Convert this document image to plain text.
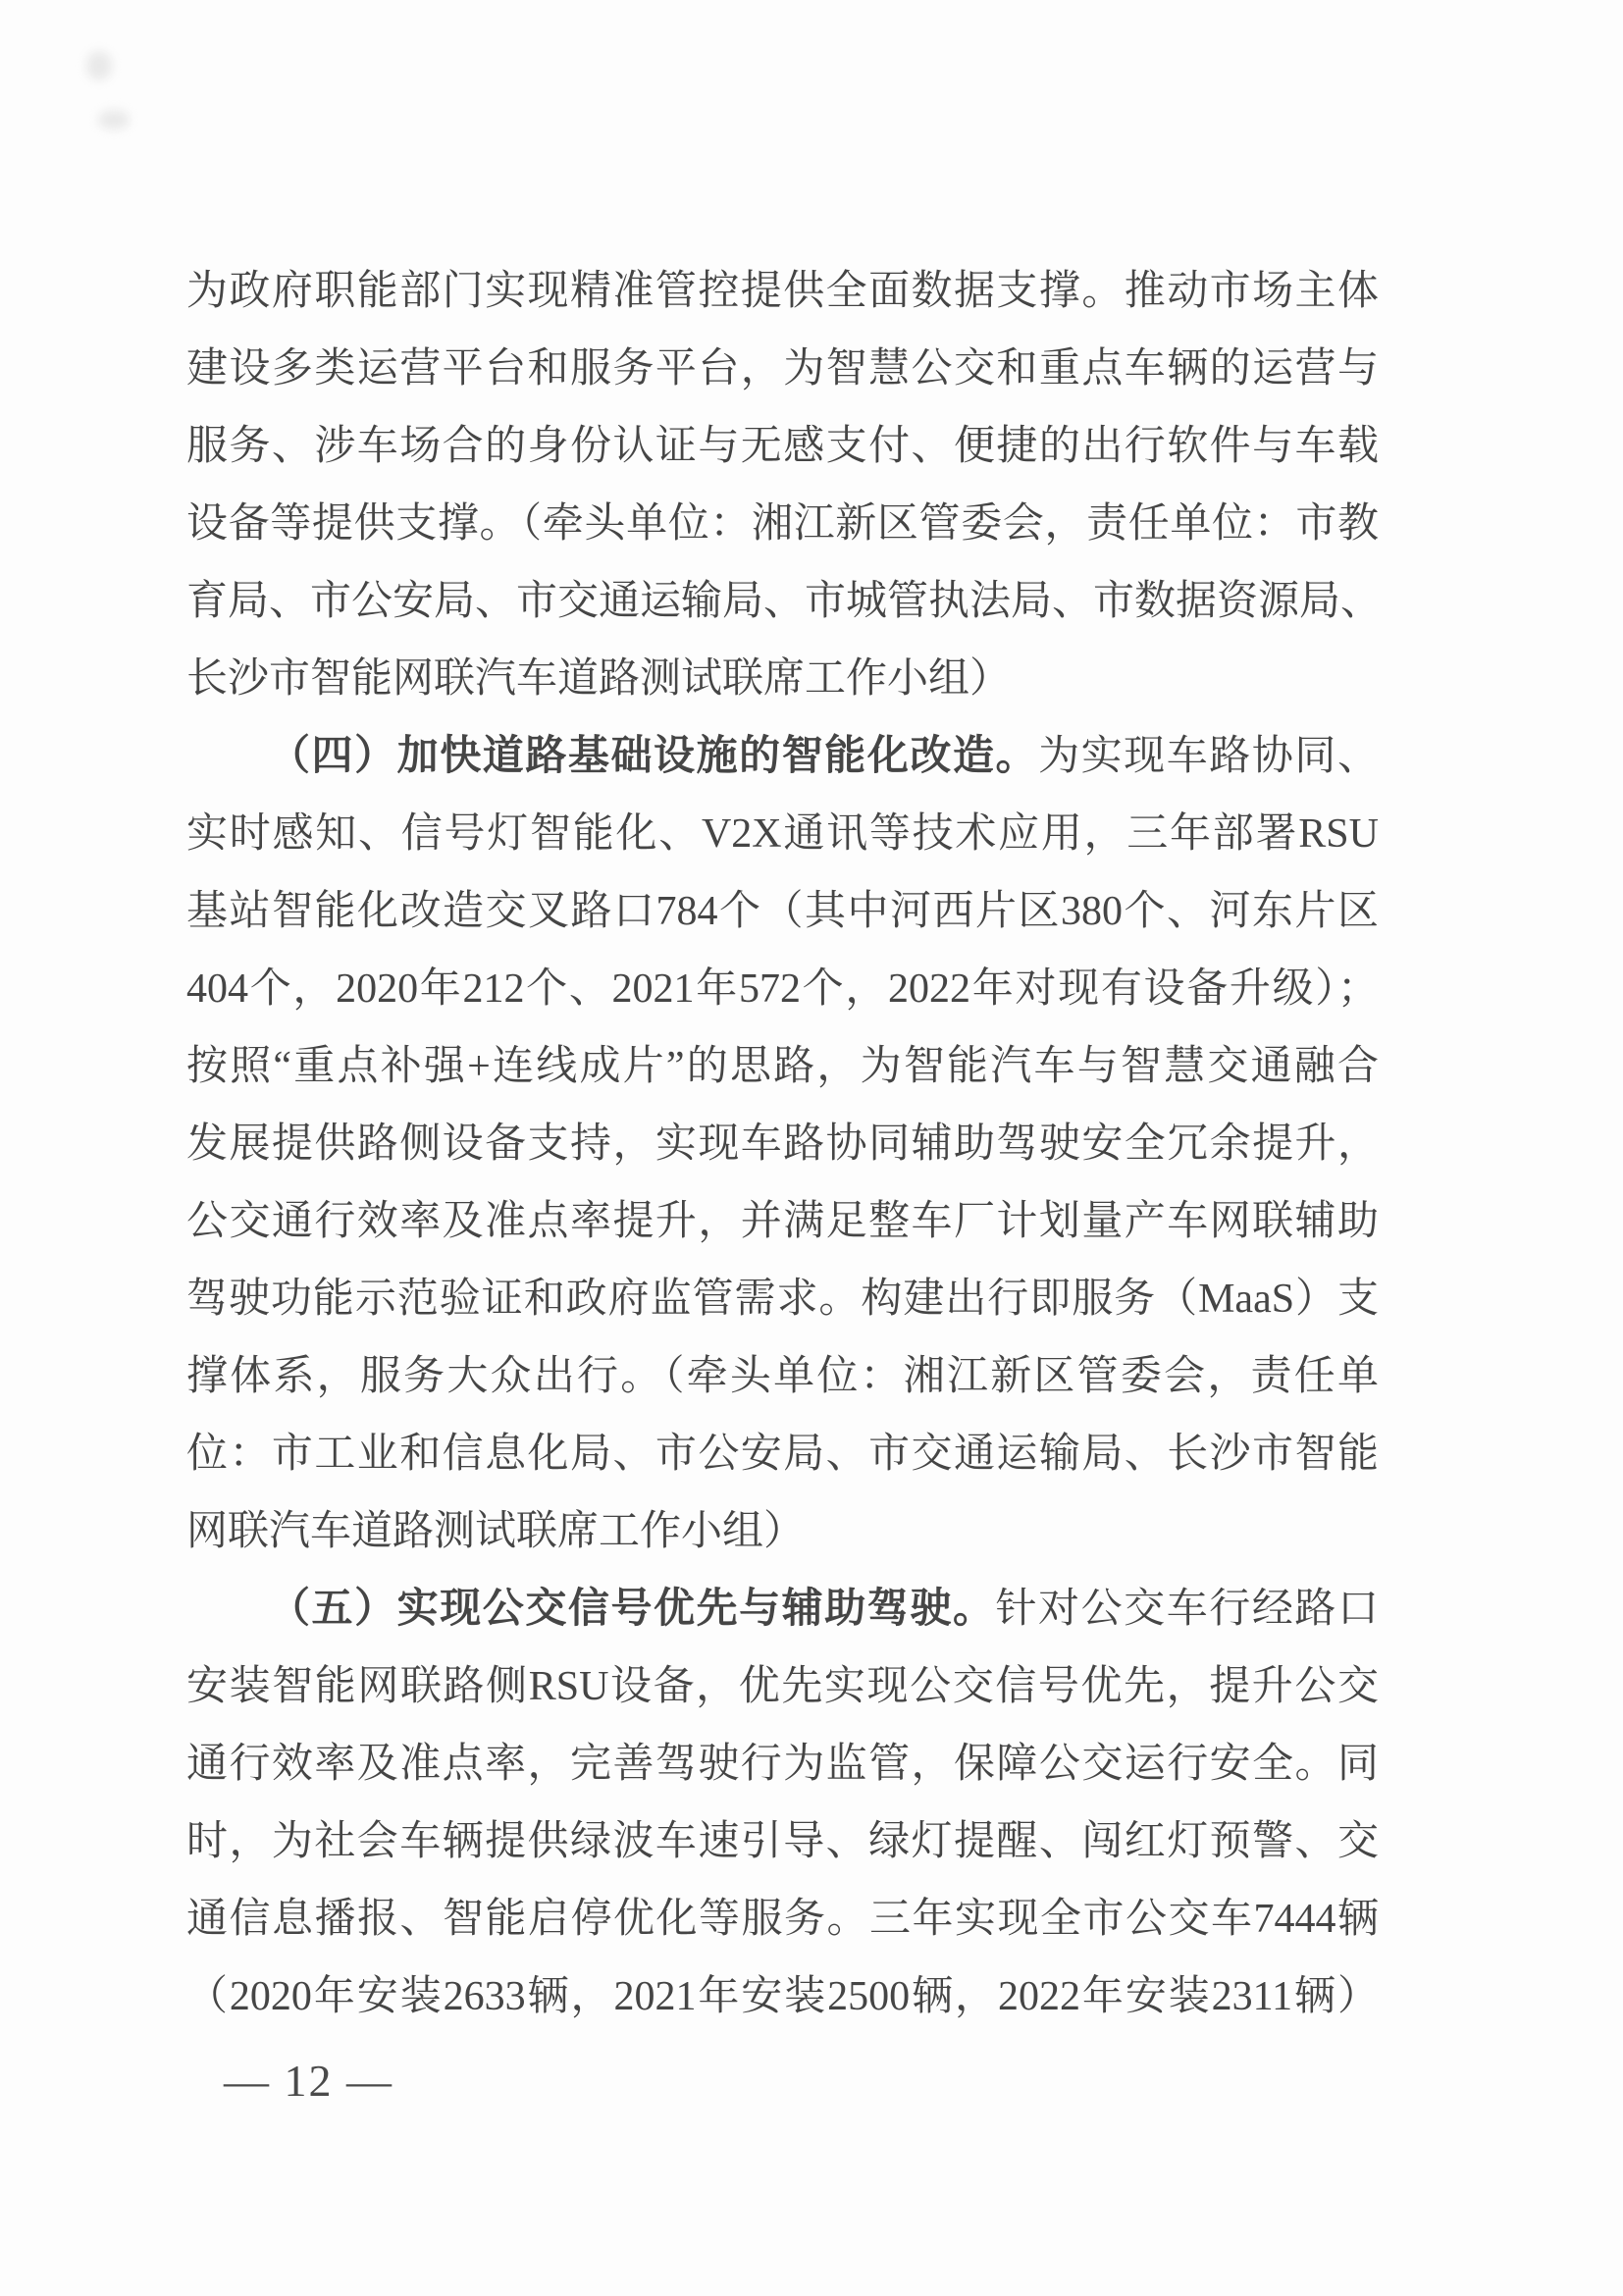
为政府职能部门实现精准管控提供全面数据支撑。推动市场主体

建设多类运营平台和服务平台，为智慧公交和重点车辆的运营与

服务、涉车场合的身份认证与无感支付、便捷的出行软件与车载

设备等提供支撑。（牵头单位：湘江新区管委会，责任单位：市教

育局、市公安局、市交通运输局、市城管执法局、市数据资源局、

长沙市智能网联汽车道路测试联席工作小组）

（四）加快道路基础设施的智能化改造。为实现车路协同、

实时感知、信号灯智能化、V2X通讯等技术应用，三年部署RSU

基站智能化改造交叉路口784个（其中河西片区380个、河东片区

404个，2020年212个、2021年572个，2022年对现有设备升级）；

按照“重点补强+连线成片”的思路，为智能汽车与智慧交通融合

发展提供路侧设备支持，实现车路协同辅助驾驶安全冗余提升，

公交通行效率及准点率提升，并满足整车厂计划量产车网联辅助

驾驶功能示范验证和政府监管需求。构建出行即服务（MaaS）支

撑体系，服务大众出行。（牵头单位：湘江新区管委会，责任单

位：市工业和信息化局、市公安局、市交通运输局、长沙市智能

网联汽车道路测试联席工作小组）

（五）实现公交信号优先与辅助驾驶。针对公交车行经路口

安装智能网联路侧RSU设备，优先实现公交信号优先，提升公交

通行效率及准点率，完善驾驶行为监管，保障公交运行安全。同

时，为社会车辆提供绿波车速引导、绿灯提醒、闯红灯预警、交

通信息播报、智能启停优化等服务。三年实现全市公交车7444辆

（2020年安装2633辆，2021年安装2500辆，2022年安装2311辆）

— 12 —
